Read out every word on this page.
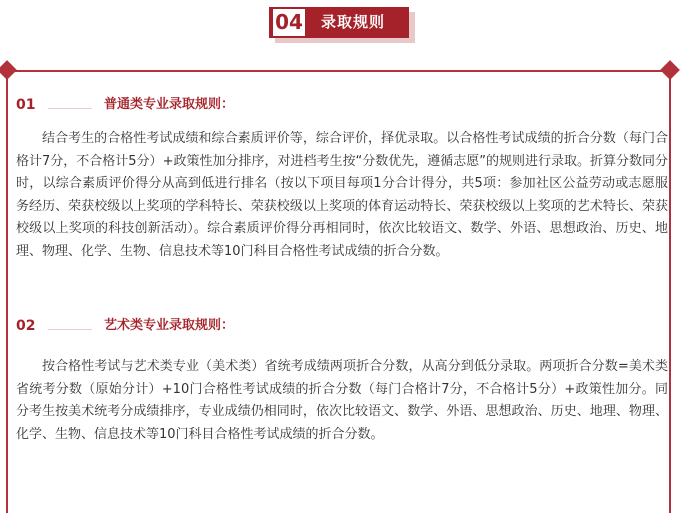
04 录取规则
01	普通类专业录取规则：

结合考生的合格性考试成绩和综合素质评价等，综合评价，择优录取。以合格性考试成绩的折合分数（每门合格计7分，不合格计5分）+政策性加分排序，对进档考生按“分数优先，遵循志愿”的规则进行录取。折算分数同分时，以综合素质评价得分从高到低进行排名（按以下项目每项1分合计得分，共5项：参加社区公益劳动或志愿服务经历、荣获校级以上奖项的学科特长、荣获校级以上奖项的体育运动特长、荣获校级以上奖项的艺术特长、荣获校级以上奖项的科技创新活动）。综合素质评价得分再相同时，依次比较语文、数学、外语、思想政治、历史、地理、物理、化学、生物、信息技术等10门科目合格性考试成绩的折合分数。

02	艺术类专业录取规则：

按合格性考试与艺术类专业（美术类）省统考成绩两项折合分数，从高分到低分录取。两项折合分数=美术类省统考分数（原始分计）+10门合格性考试成绩的折合分数（每门合格计7分，不合格计5分）+政策性加分。同分考生按美术统考分成绩排序，专业成绩仍相同时，依次比较语文、数学、外语、思想政治、历史、地理、物理、化学、生物、信息技术等10门科目合格性考试成绩的折合分数。
